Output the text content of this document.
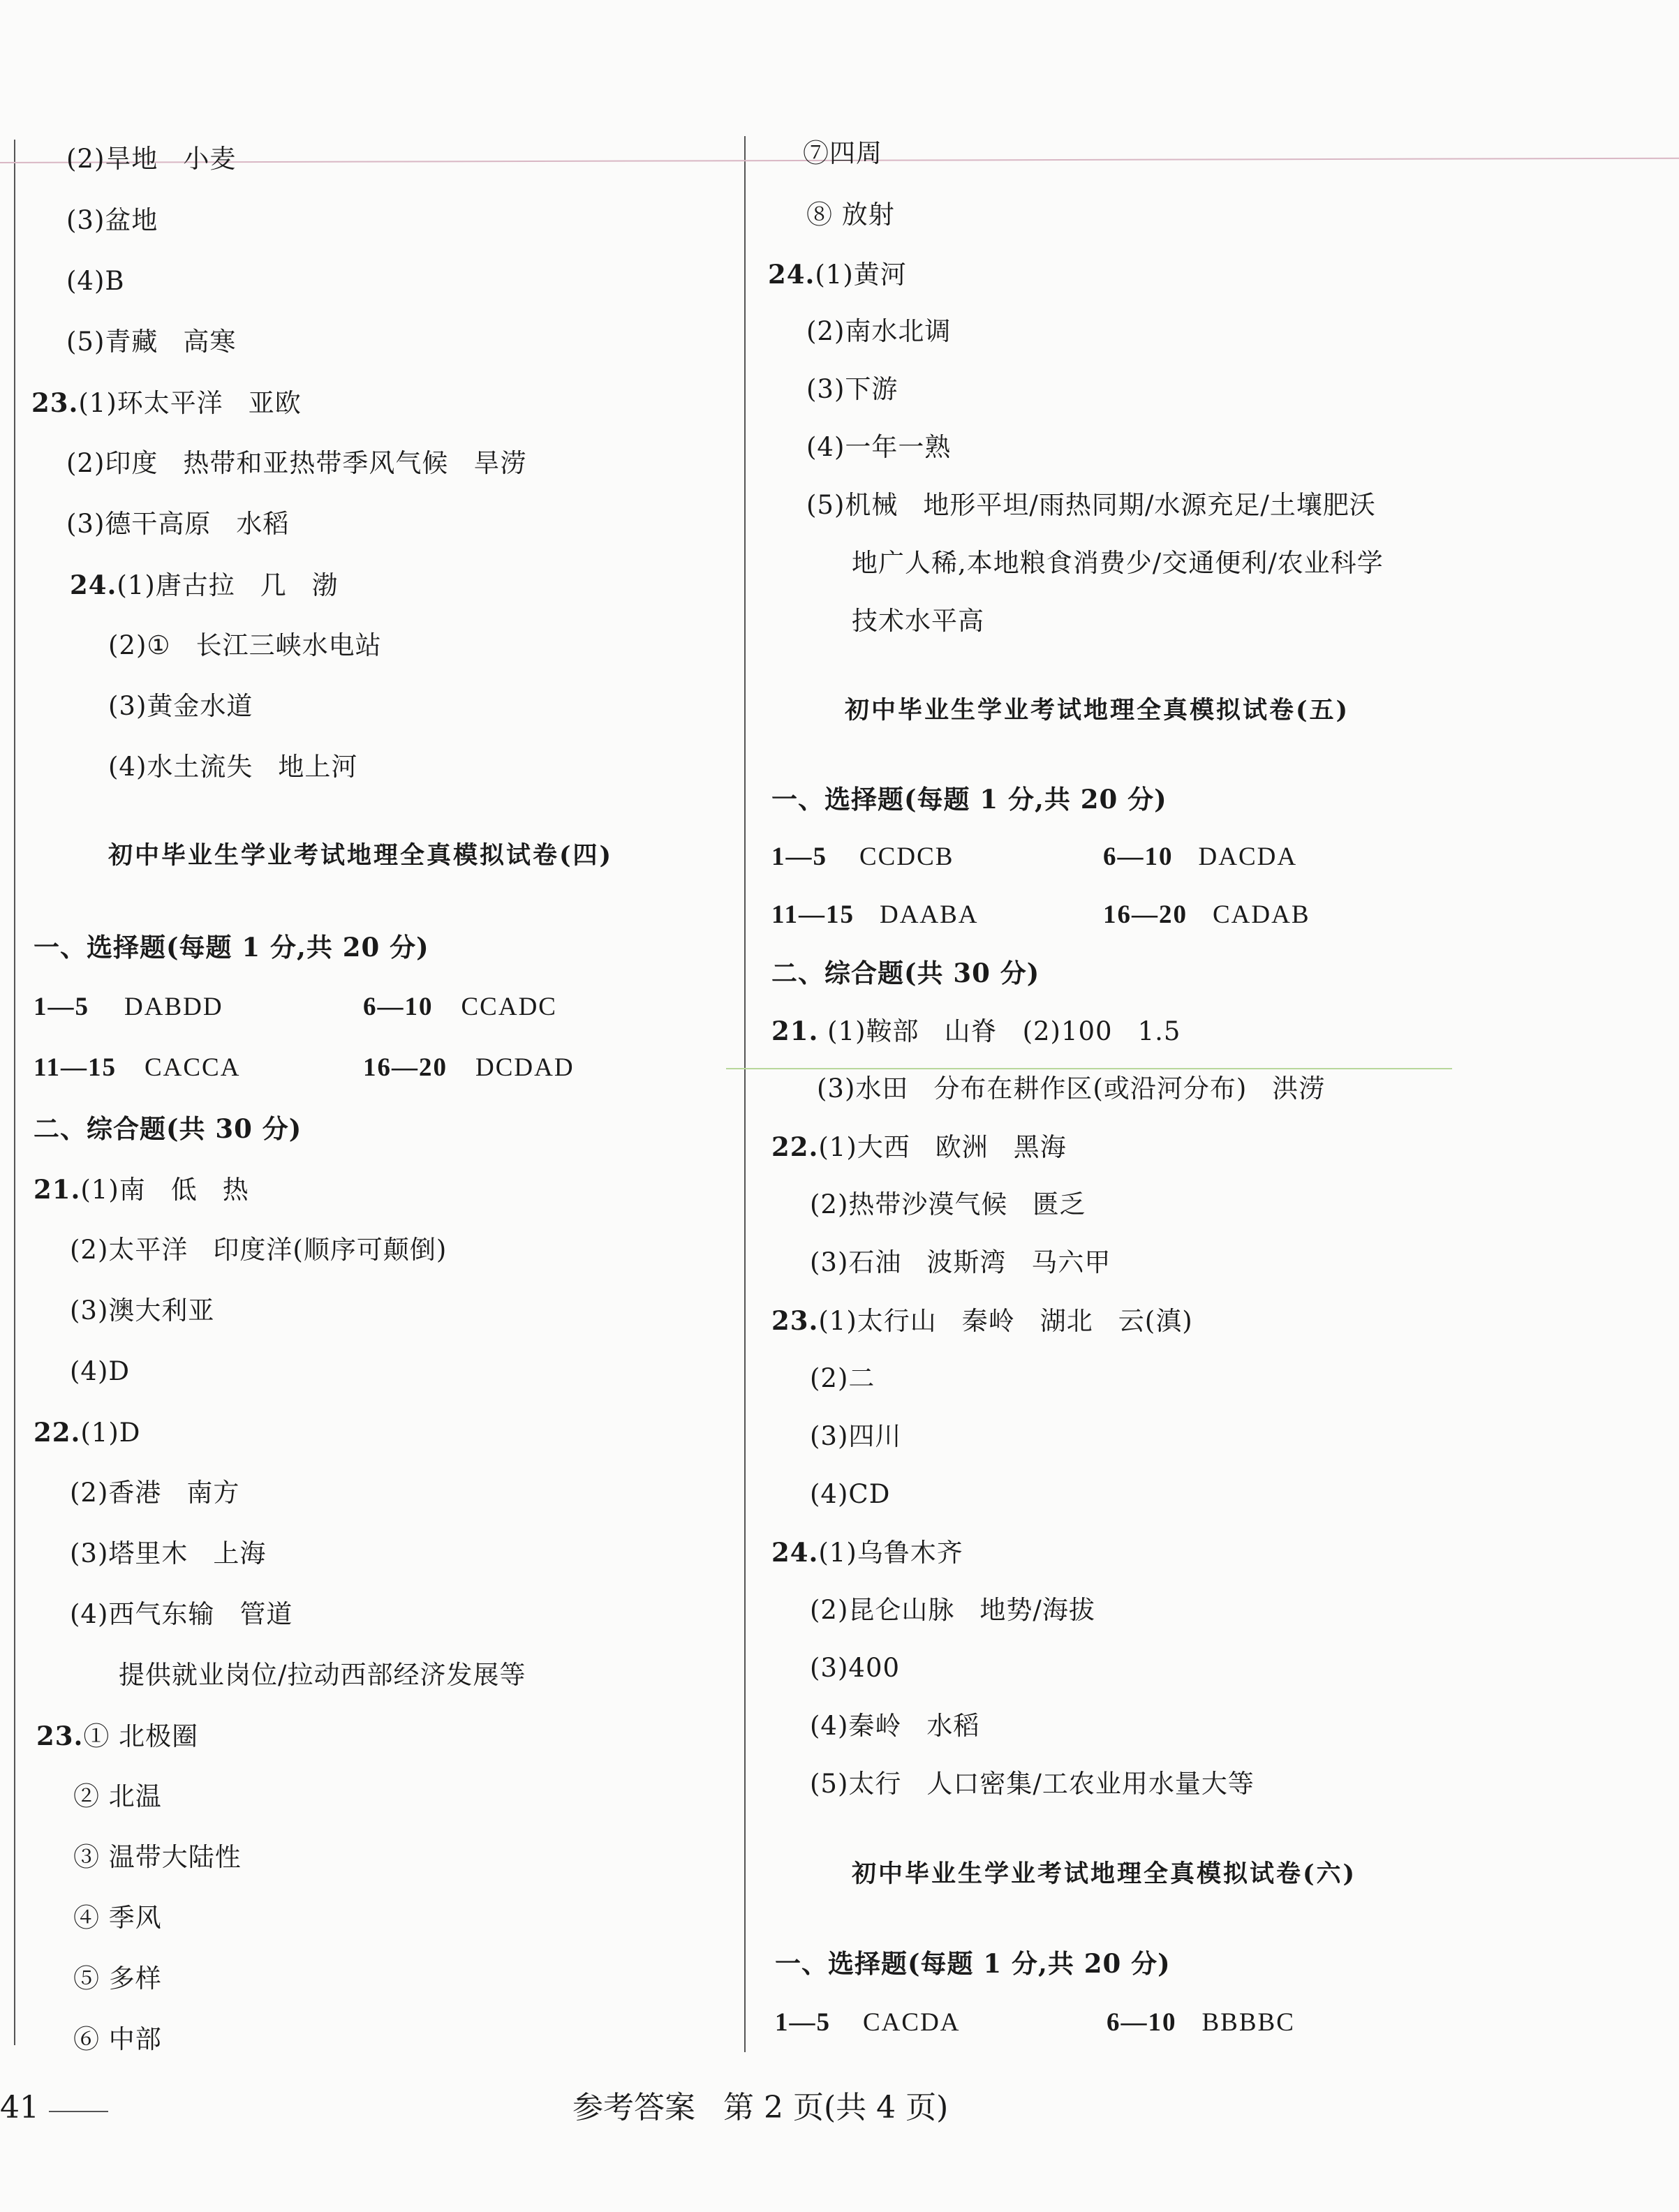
(2)旱地 小麦
(3)盆地
(4)B
(5)青藏 高寒
23.(1)环太平洋 亚欧
(2)印度 热带和亚热带季风气候 旱涝
(3)德干高原 水稻
24.(1)唐古拉 几 渤
(2)① 长江三峡水电站
(3)黄金水道
(4)水土流失 地上河
初中毕业生学业考试地理全真模拟试卷(四)
一、选择题(每题 1 分,共 20 分)
1—5 DABDD	6—10 CCADC
11—15 CACCA	16—20 DCDAD
二、综合题(共 30 分)
21.(1)南 低 热
(2)太平洋 印度洋(顺序可颠倒)
(3)澳大利亚
(4)D
22.(1)D
(2)香港 南方
(3)塔里木 上海
(4)西气东输 管道
提供就业岗位/拉动西部经济发展等
23.① 北极圈
② 北温
③ 温带大陆性
④ 季风
⑤ 多样
⑥ 中部
⑦四周
⑧ 放射
24.(1)黄河
(2)南水北调
(3)下游
(4)一年一熟
(5)机械 地形平坦/雨热同期/水源充足/土壤肥沃
地广人稀,本地粮食消费少/交通便利/农业科学
技术水平高
初中毕业生学业考试地理全真模拟试卷(五)
一、选择题(每题 1 分,共 20 分)
1—5 CCDCB	6—10 DACDA
11—15 DAABA	16—20 CADAB
二、综合题(共 30 分)
21. (1)鞍部 山脊 (2)100 1.5
(3)水田 分布在耕作区(或沿河分布) 洪涝
22.(1)大西 欧洲 黑海
(2)热带沙漠气候 匮乏
(3)石油 波斯湾 马六甲
23.(1)太行山 秦岭 湖北 云(滇)
(2)二
(3)四川
(4)CD
24.(1)乌鲁木齐
(2)昆仑山脉 地势/海拔
(3)400
(4)秦岭 水稻
(5)太行 人口密集/工农业用水量大等
初中毕业生学业考试地理全真模拟试卷(六)
一、选择题(每题 1 分,共 20 分)
1—5 CACDA	6—10 BBBBC
41	参考答案 第 2 页(共 4 页)
